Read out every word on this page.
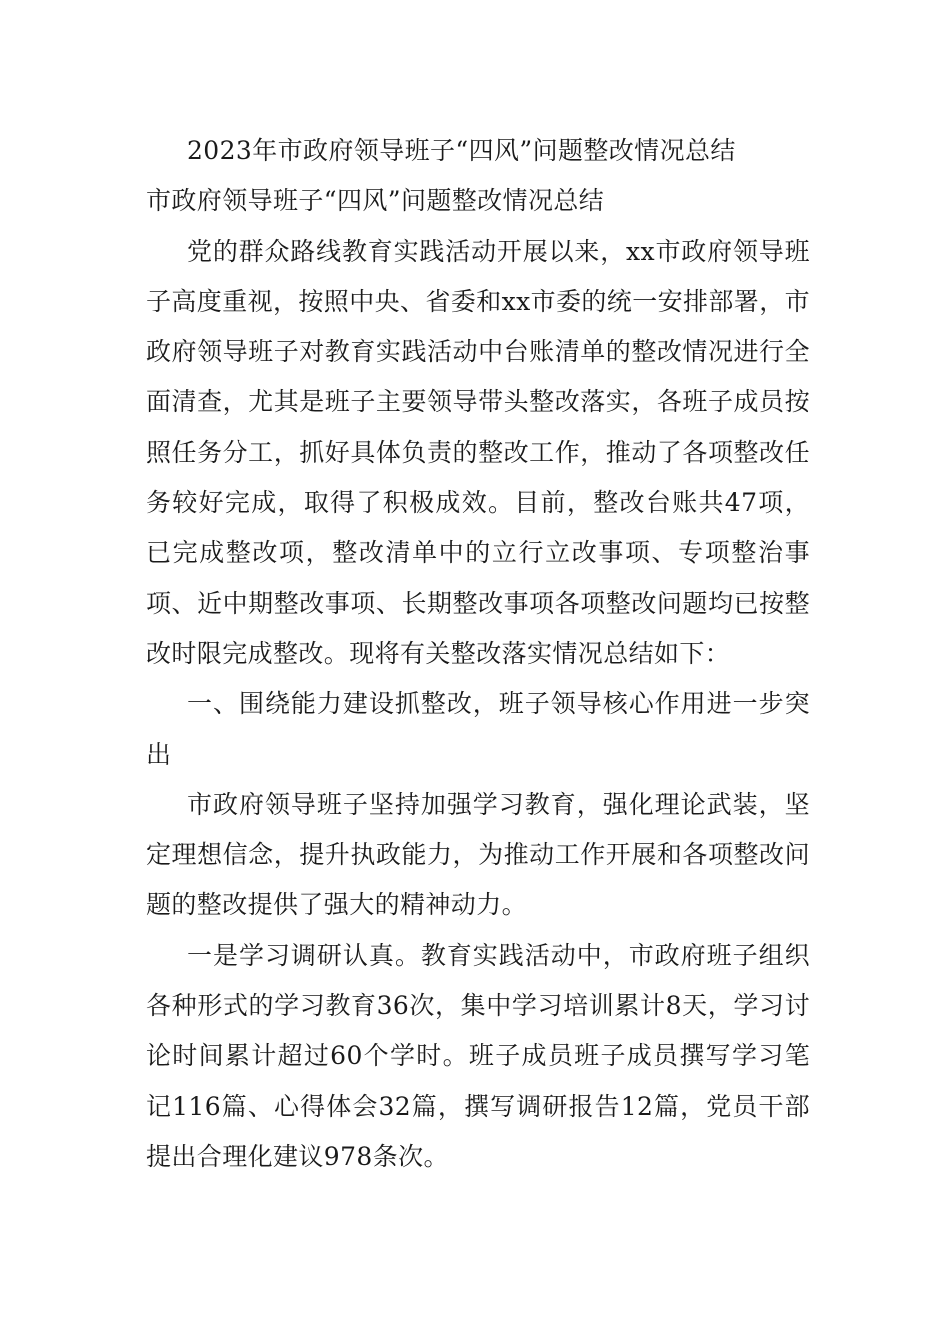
2023年市政府领导班子“四风”问题整改情况总结

市政府领导班子“四风”问题整改情况总结

党的群众路线教育实践活动开展以来，xx市政府领导班子高度重视，按照中央、省委和xx市委的统一安排部署，市政府领导班子对教育实践活动中台账清单的整改情况进行全面清查，尤其是班子主要领导带头整改落实，各班子成员按照任务分工，抓好具体负责的整改工作，推动了各项整改任务较好完成，取得了积极成效。目前，整改台账共47项，已完成整改项，整改清单中的立行立改事项、专项整治事项、近中期整改事项、长期整改事项各项整改问题均已按整改时限完成整改。现将有关整改落实情况总结如下：

一、围绕能力建设抓整改，班子领导核心作用进一步突出

市政府领导班子坚持加强学习教育，强化理论武装，坚定理想信念，提升执政能力，为推动工作开展和各项整改问题的整改提供了强大的精神动力。

一是学习调研认真。教育实践活动中，市政府班子组织各种形式的学习教育36次，集中学习培训累计8天，学习讨论时间累计超过60个学时。班子成员班子成员撰写学习笔记116篇、心得体会32篇，撰写调研报告12篇，党员干部提出合理化建议978条次。
